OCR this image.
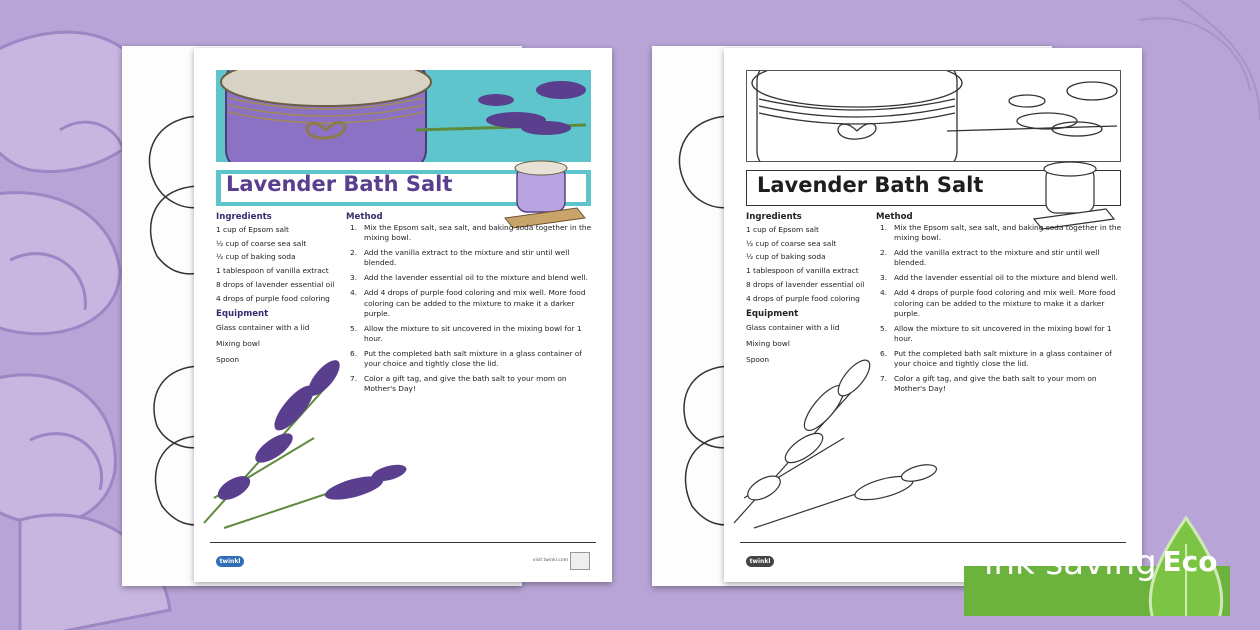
Lavender Bath Salt
Ingredients
1 cup of Epsom salt
½ cup of coarse sea salt
½ cup of baking soda
1 tablespoon of vanilla extract
8 drops of lavender essential oil
4 drops of purple food coloring
Equipment
Glass container with a lid
Mixing bowl
Spoon
Method
1. Mix the Epsom salt, sea salt, and baking soda together in the mixing bowl.
2. Add the vanilla extract to the mixture and stir until well blended.
3. Add the lavender essential oil to the mixture and blend well.
4. Add 4 drops of purple food coloring and mix well. More food coloring can be added to the mixture to make it a darker purple.
5. Allow the mixture to sit uncovered in the mixing bowl for 1 hour.
6. Put the completed bath salt mixture in a glass container of your choice and tightly close the lid.
7. Color a gift tag, and give the bath salt to your mom on Mother's Day!
twinkl	visit twinkl.com
Lavender Bath Salt
Ingredients
1 cup of Epsom salt
½ cup of coarse sea salt
½ cup of baking soda
1 tablespoon of vanilla extract
8 drops of lavender essential oil
4 drops of purple food coloring
Equipment
Glass container with a lid
Mixing bowl
Spoon
Method
1. Mix the Epsom salt, sea salt, and baking soda together in the mixing bowl.
2. Add the vanilla extract to the mixture and stir until well blended.
3. Add the lavender essential oil to the mixture and blend well.
4. Add 4 drops of purple food coloring and mix well. More food coloring can be added to the mixture to make it a darker purple.
5. Allow the mixture to sit uncovered in the mixing bowl for 1 hour.
6. Put the completed bath salt mixture in a glass container of your choice and tightly close the lid.
7. Color a gift tag, and give the bath salt to your mom on Mother's Day!
twinkl	ink saving Eco
